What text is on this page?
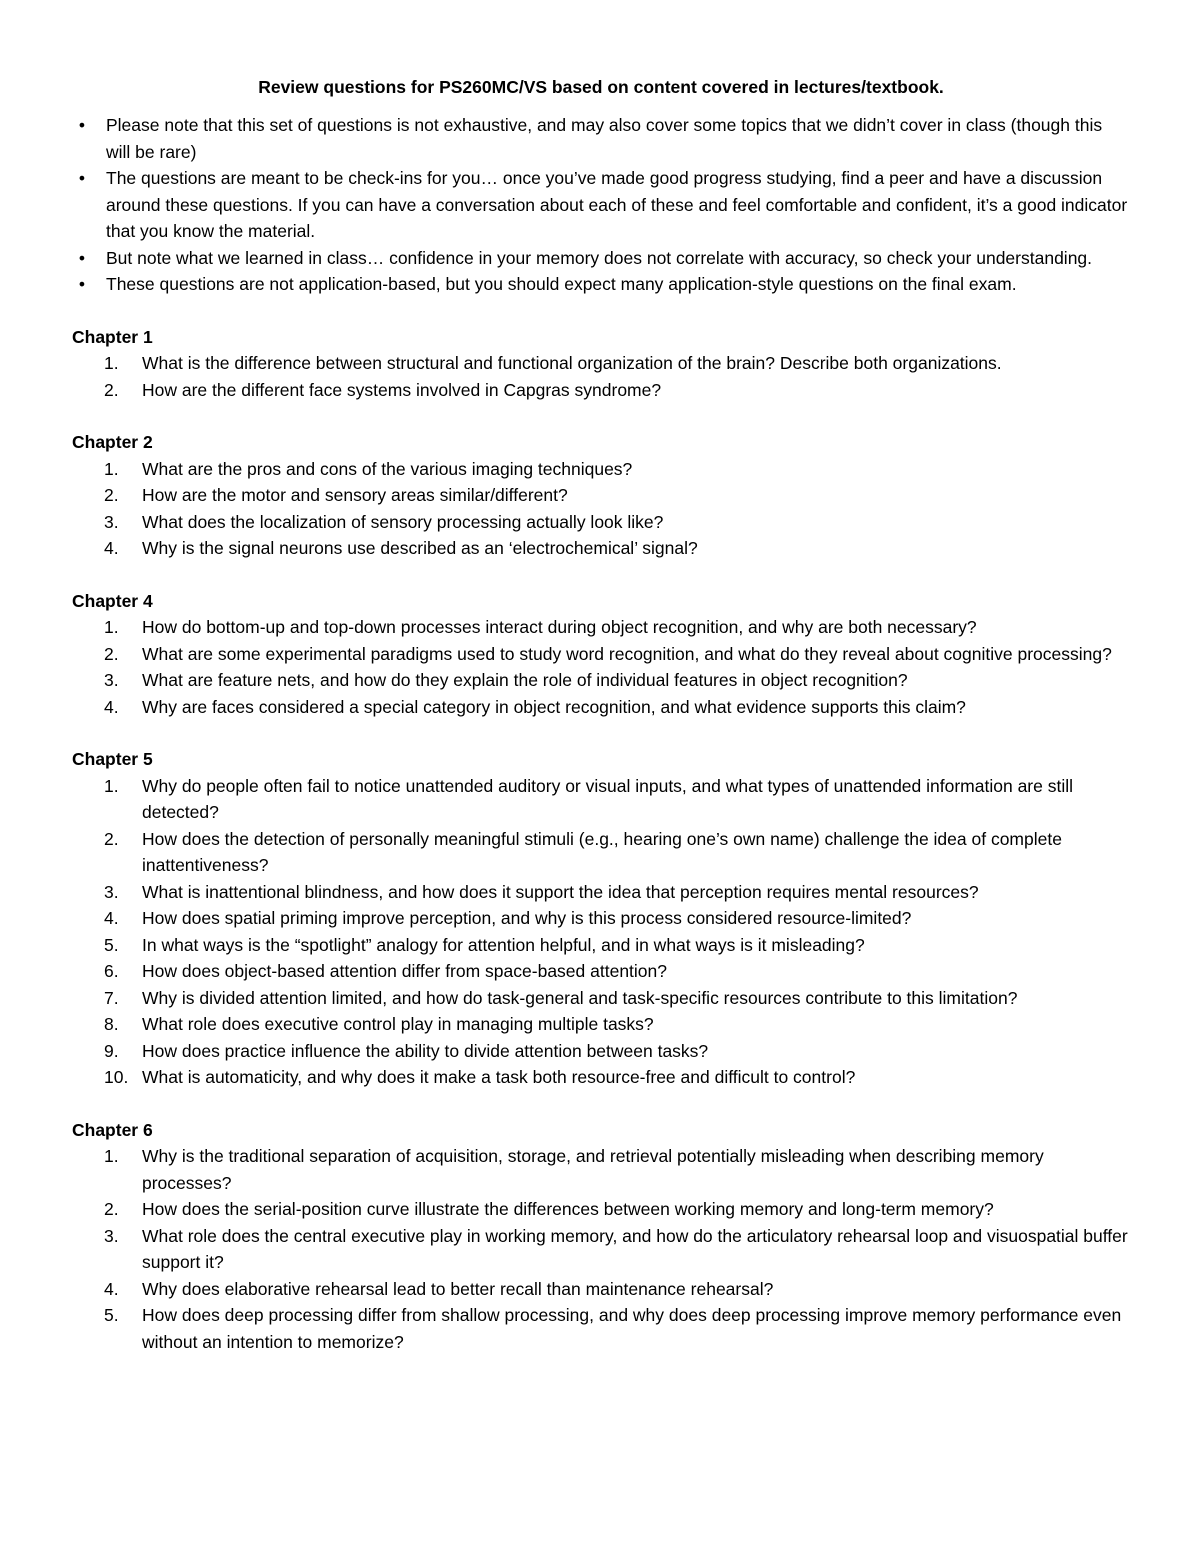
Review questions for PS260MC/VS based on content covered in lectures/textbook.
• Please note that this set of questions is not exhaustive, and may also cover some topics that we didn’t cover in class (though this will be rare)
• The questions are meant to be check-ins for you… once you’ve made good progress studying, find a peer and have a discussion around these questions. If you can have a conversation about each of these and feel comfortable and confident, it’s a good indicator that you know the material.
• But note what we learned in class… confidence in your memory does not correlate with accuracy, so check your understanding.
• These questions are not application-based, but you should expect many application-style questions on the final exam.
Chapter 1
1.	What is the difference between structural and functional organization of the brain? Describe both organizations.
2.	How are the different face systems involved in Capgras syndrome?
Chapter 2
1.	What are the pros and cons of the various imaging techniques?
2.	How are the motor and sensory areas similar/different?
3.	What does the localization of sensory processing actually look like?
4.	Why is the signal neurons use described as an ‘electrochemical’ signal?
Chapter 4
1.	How do bottom-up and top-down processes interact during object recognition, and why are both necessary?
2.	What are some experimental paradigms used to study word recognition, and what do they reveal about cognitive processing?
3.	What are feature nets, and how do they explain the role of individual features in object recognition?
4.	Why are faces considered a special category in object recognition, and what evidence supports this claim?
Chapter 5
1.	Why do people often fail to notice unattended auditory or visual inputs, and what types of unattended information are still detected?
2.	How does the detection of personally meaningful stimuli (e.g., hearing one’s own name) challenge the idea of complete inattentiveness?
3.	What is inattentional blindness, and how does it support the idea that perception requires mental resources?
4.	How does spatial priming improve perception, and why is this process considered resource-limited?
5.	In what ways is the “spotlight” analogy for attention helpful, and in what ways is it misleading?
6.	How does object-based attention differ from space-based attention?
7.	Why is divided attention limited, and how do task-general and task-specific resources contribute to this limitation?
8.	What role does executive control play in managing multiple tasks?
9.	How does practice influence the ability to divide attention between tasks?
10. What is automaticity, and why does it make a task both resource-free and difficult to control?
Chapter 6
1.	Why is the traditional separation of acquisition, storage, and retrieval potentially misleading when describing memory processes?
2.	How does the serial-position curve illustrate the differences between working memory and long-term memory?
3.	What role does the central executive play in working memory, and how do the articulatory rehearsal loop and visuospatial buffer support it?
4.	Why does elaborative rehearsal lead to better recall than maintenance rehearsal?
5.	How does deep processing differ from shallow processing, and why does deep processing improve memory performance even without an intention to memorize?
